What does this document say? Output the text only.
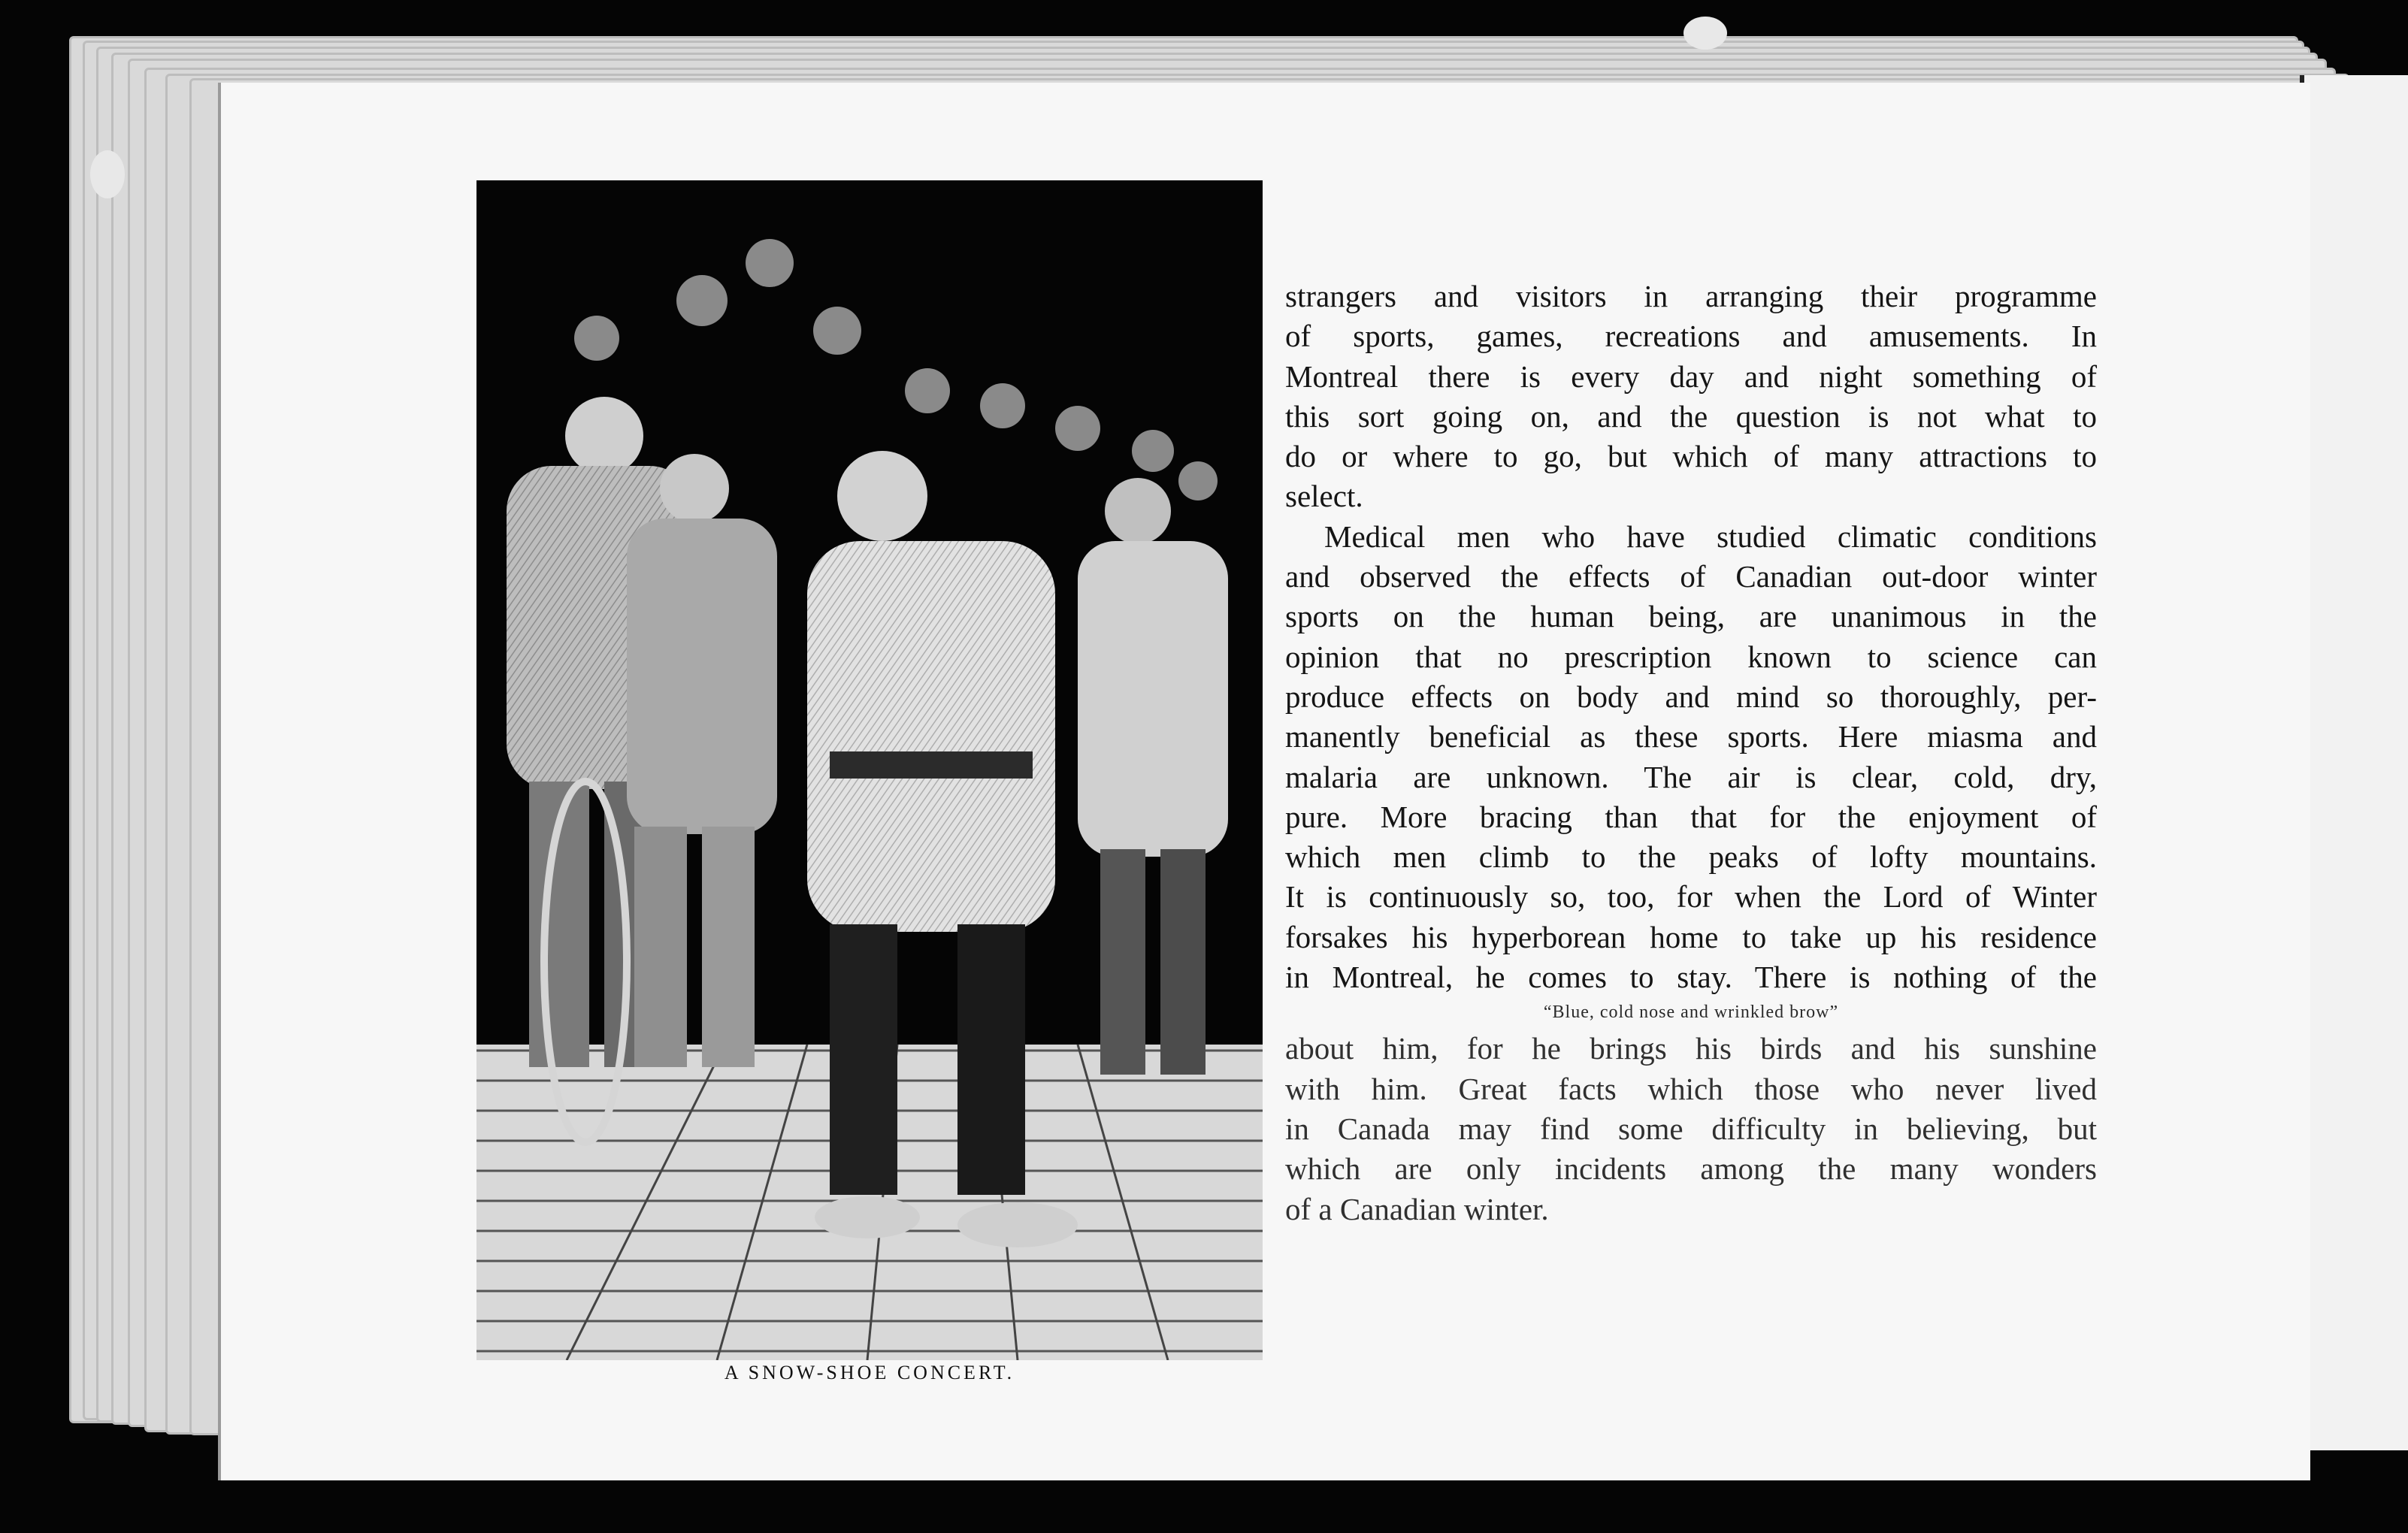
A SNOW-SHOE CONCERT.
strangers and visitors in arranging their programme
of sports, games, recreations and amusements. In
Montreal there is every day and night something of
this sort going on, and the question is not what to
do or where to go, but which of many attractions to
select.
Medical men who have studied climatic conditions
and observed the effects of Canadian out-door winter
sports on the human being, are unanimous in the
opinion that no prescription known to science can
produce effects on body and mind so thoroughly, per-
manently beneficial as these sports. Here miasma and
malaria are unknown. The air is clear, cold, dry,
pure. More bracing than that for the enjoyment of
which men climb to the peaks of lofty mountains.
It is continuously so, too, for when the Lord of Winter
forsakes his hyperborean home to take up his residence
in Montreal, he comes to stay. There is nothing of the
“Blue, cold nose and wrinkled brow”
about him, for he brings his birds and his sunshine
with him. Great facts which those who never lived
in Canada may find some difficulty in believing, but
which are only incidents among the many wonders
of a Canadian winter.
